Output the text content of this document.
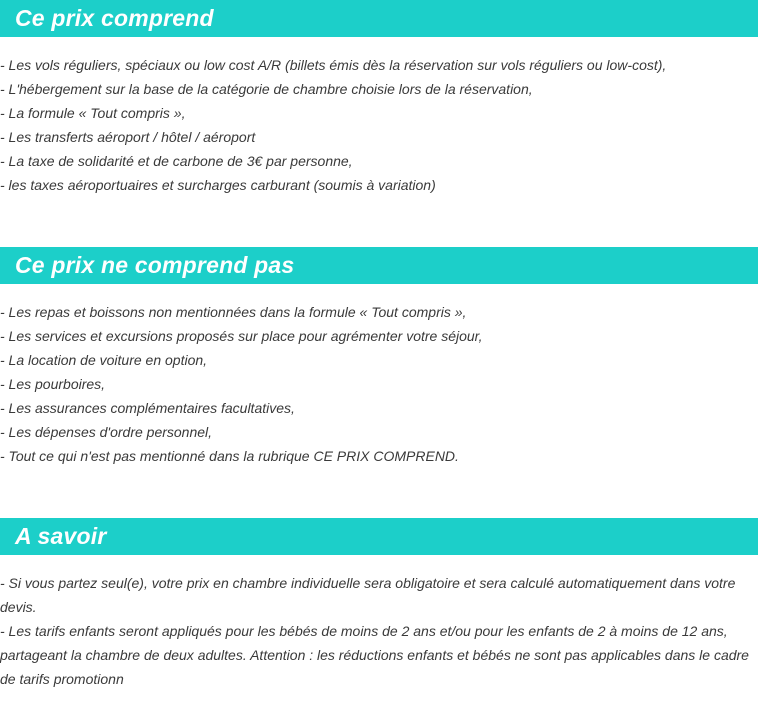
Ce prix comprend
- Les vols réguliers, spéciaux ou low cost A/R (billets émis dès la réservation sur vols réguliers ou low-cost),
- L'hébergement sur la base de la catégorie de chambre choisie lors de la réservation,
- La formule « Tout compris »,
- Les transferts aéroport / hôtel / aéroport
- La taxe de solidarité et de carbone de 3€ par personne,
- les taxes aéroportuaires et surcharges carburant (soumis à variation)
Ce prix ne comprend pas
- Les repas et boissons non mentionnées dans la formule « Tout compris »,
- Les services et excursions proposés sur place pour agrémenter votre séjour,
- La location de voiture en option,
- Les pourboires,
- Les assurances complémentaires facultatives,
- Les dépenses d'ordre personnel,
- Tout ce qui n'est pas mentionné dans la rubrique CE PRIX COMPREND.
A savoir

- Si vous partez seul(e), votre prix en chambre individuelle sera obligatoire et sera calculé automatiquement dans votre devis.

- Les tarifs enfants seront appliqués pour les bébés de moins de 2 ans et/ou pour les enfants de 2 à moins de 12 ans, partageant la chambre de deux adultes. Attention : les réductions enfants et bébés ne sont pas applicables dans le cadre de tarifs promotionn
